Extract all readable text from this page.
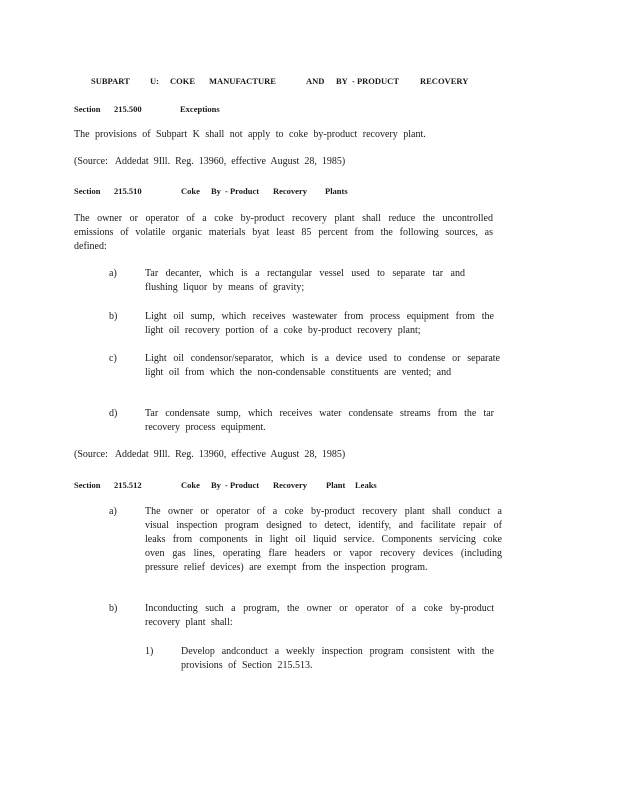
SUBPART U: COKE MANUFACTURE	AND BY - PRODUCT RECOVERY
Section 215.500	Exceptions
The provisions of Subpart K shall not apply to coke by-product recovery plant.
(Source:   Addedat  9Ill.  Reg.  13960,  effective  August  28,  1985)
Section 215.510	Coke By - Product Recovery Plants
The owner or operator of a coke by-product recovery plant shall reduce the uncontrolled emissions of volatile organic materials byat least 85 percent from the following sources, as defined:
a)	Tar decanter, which is a rectangular vessel used to separate tar and flushing liquor by means of gravity;
b)	Light oil sump, which receives wastewater from process equipment from the light oil recovery portion of a coke by-product recovery plant;
c)	Light oil condensor/separator, which is a device used to condense or separate light oil from which the non-condensable constituents are vented; and
d)	Tar condensate sump, which receives water condensate streams from the tar recovery process equipment.
(Source:   Addedat  9Ill.  Reg.  13960,  effective  August  28,  1985)
Section 215.512	Coke By - Product Recovery Plant Leaks
a)	The owner or operator of a coke by-product recovery plant shall conduct a visual inspection program designed to detect, identify, and facilitate repair of leaks from components in light oil liquid service. Components servicing coke oven gas lines, operating flare headers or vapor recovery devices (including pressure relief devices) are exempt from the inspection program.
b)	Inconducting such a program, the owner or operator of a coke by-product recovery plant shall:
1)	Develop andconduct a weekly inspection program consistent with the provisions of Section 215.513.
